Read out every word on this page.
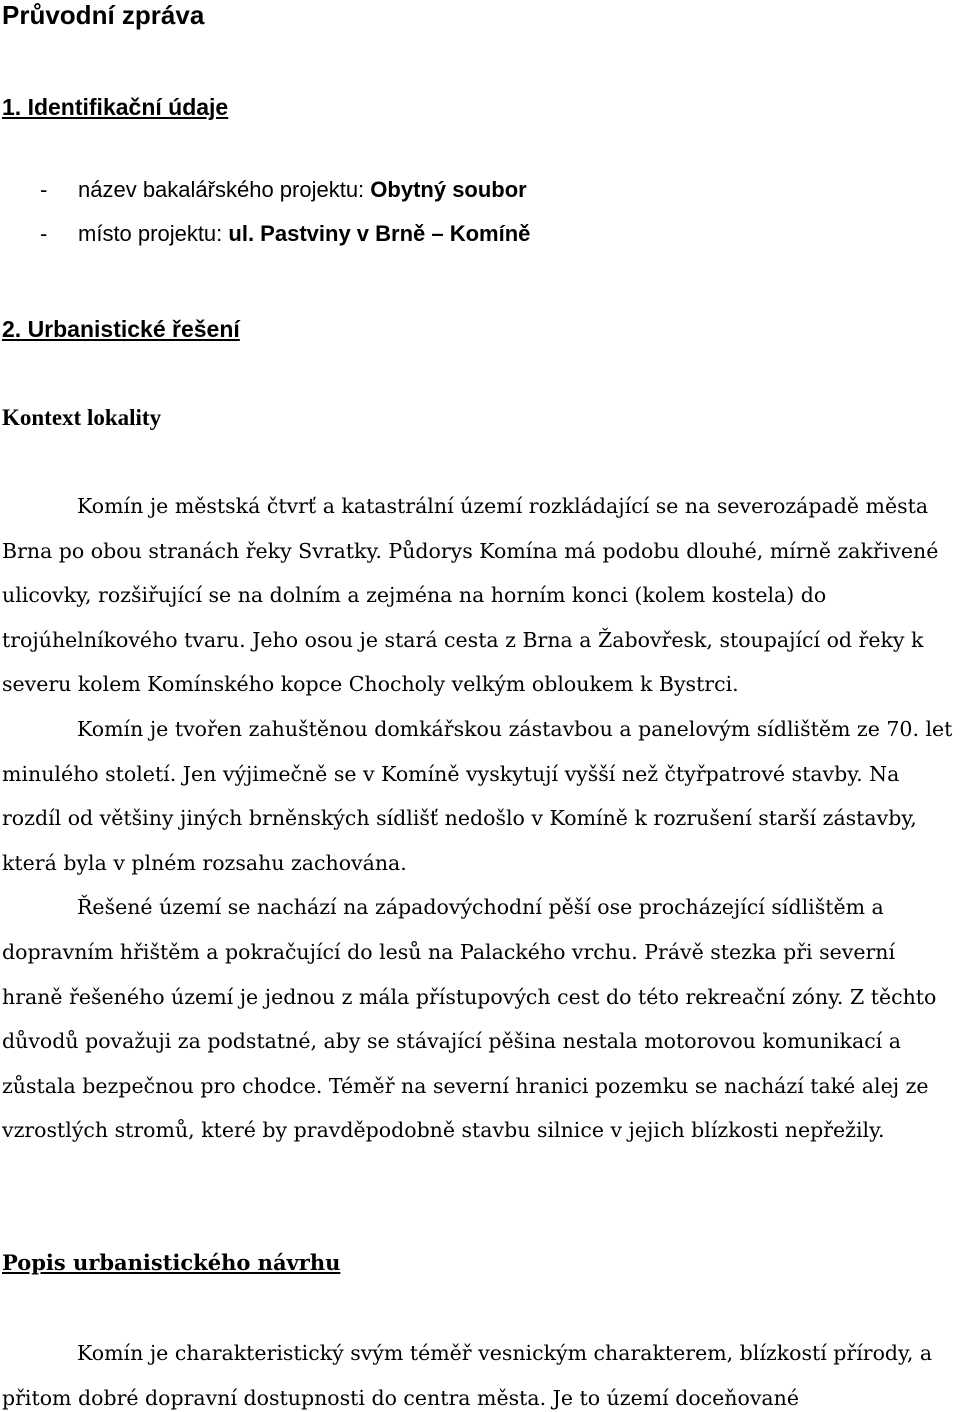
Průvodní zpráva
1. Identifikační údaje
- název bakalářského projektu: Obytný soubor
- místo projektu: ul. Pastviny v Brně – Komíně
2. Urbanistické řešení
Kontext lokality

Komín je městská čtvrť a katastrální území rozkládající se na severozápadě města Brna po obou stranách řeky Svratky. Půdorys Komína má podobu dlouhé, mírně zakřivené ulicovky, rozšiřující se na dolním a zejména na horním konci (kolem kostela) do trojúhelníkového tvaru. Jeho osou je stará cesta z Brna a Žabovřesk, stoupající od řeky k severu kolem Komínského kopce Chocholy velkým obloukem k Bystrci.

Komín je tvořen zahuštěnou domkářskou zástavbou a panelovým sídlištěm ze 70. let minulého století. Jen výjimečně se v Komíně vyskytují vyšší než čtyřpatrové stavby. Na rozdíl od většiny jiných brněnských sídlišť nedošlo v Komíně k rozrušení starší zástavby, která byla v plném rozsahu zachována.

Řešené území se nachází na západovýchodní pěší ose procházející sídlištěm a dopravním hřištěm a pokračující do lesů na Palackého vrchu. Právě stezka při severní hraně řešeného území je jednou z mála přístupových cest do této rekreační zóny. Z těchto důvodů považuji za podstatné, aby se stávající pěšina nestala motorovou komunikací a zůstala bezpečnou pro chodce. Téměř na severní hranici pozemku se nachází také alej ze vzrostlých stromů, které by pravděpodobně stavbu silnice v jejich blízkosti nepřežily.

Popis urbanistického návrhu

Komín je charakteristický svým téměř vesnickým charakterem, blízkostí přírody, a přitom dobré dopravní dostupnosti do centra města. Je to území doceňované
